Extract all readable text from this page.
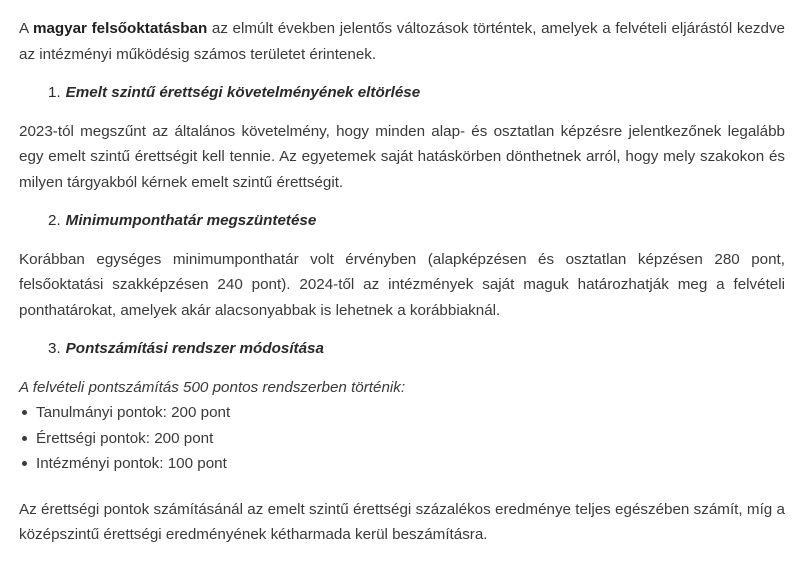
A magyar felsőoktatásban az elmúlt években jelentős változások történtek, amelyek a felvételi eljárástól kezdve az intézményi működésig számos területet érintenek.

1. Emelt szintű érettségi követelményének eltörlése

2023-tól megszűnt az általános követelmény, hogy minden alap- és osztatlan képzésre jelentkezőnek legalább egy emelt szintű érettségit kell tennie. Az egyetemek saját hatáskörben dönthetnek arról, hogy mely szakokon és milyen tárgyakból kérnek emelt szintű érettségit.

2. Minimumponthatár megszüntetése

Korábban egységes minimumponthatár volt érvényben (alapképzésen és osztatlan képzésen 280 pont, felsőoktatási szakképzésen 240 pont). 2024-től az intézmények saját maguk határozhatják meg a felvételi ponthatárokat, amelyek akár alacsonyabbak is lehetnek a korábbiaknál.

3. Pontszámítási rendszer módosítása

A felvételi pontszámítás 500 pontos rendszerben történik:

Tanulmányi pontok: 200 pont
Érettségi pontok: 200 pont
Intézményi pontok: 100 pont

Az érettségi pontok számításánál az emelt szintű érettségi százalékos eredménye teljes egészében számít, míg a középszintű érettségi eredményének kétharmada kerül beszámításra.
